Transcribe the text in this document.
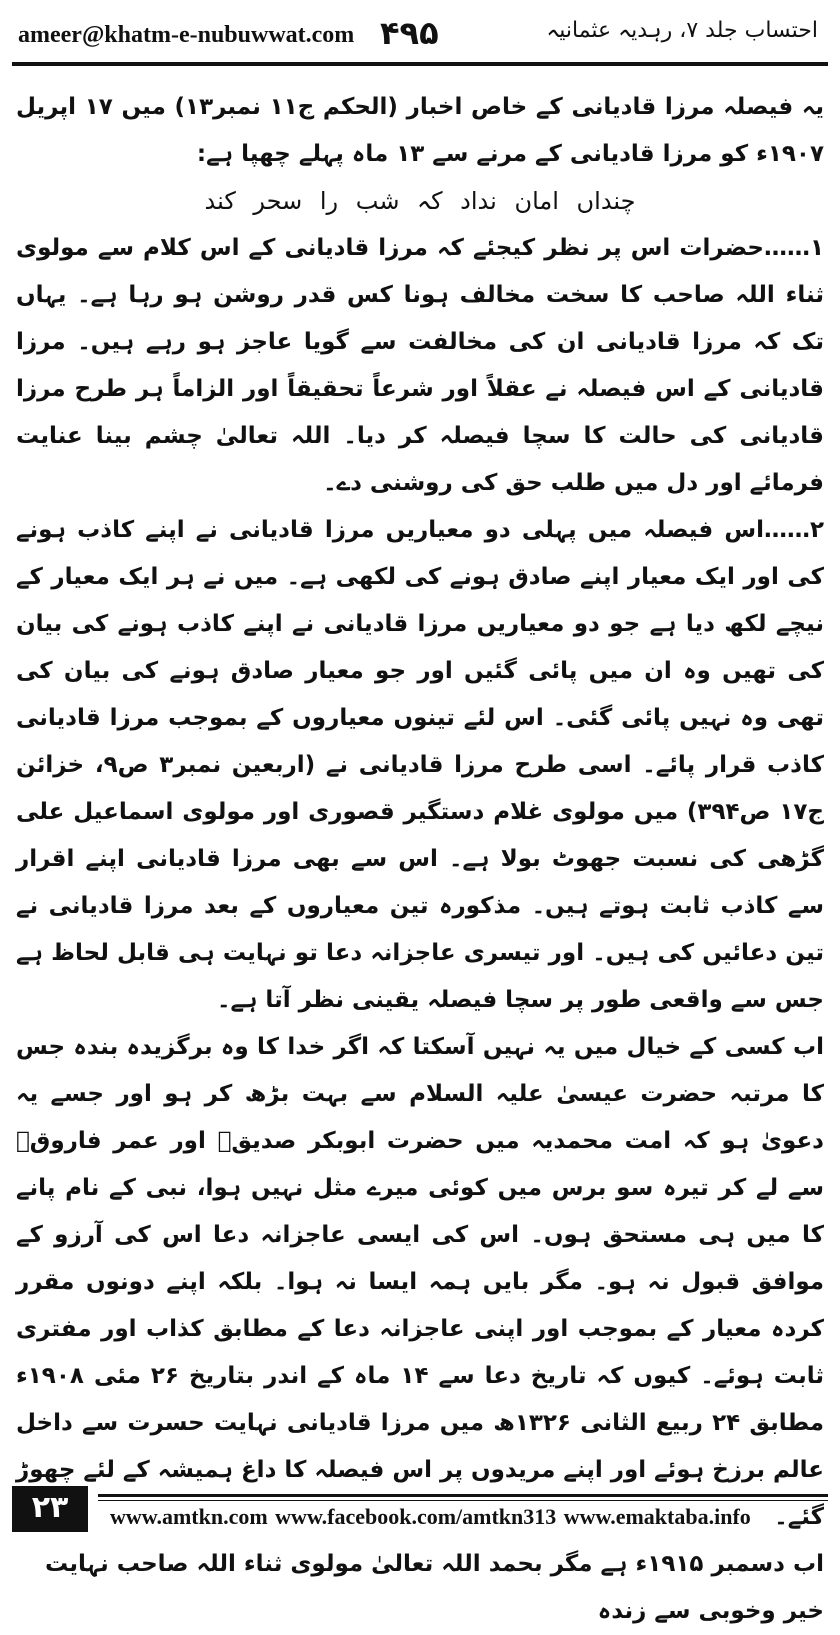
ameer@khatm-e-nubuwwat.com ۴۹۵	احتساب جلد ۷، رہدیہ عثمانیہ

یہ فیصلہ مرزا قادیانی کے خاص اخبار (الحکم ج۱۱ نمبر۱۳) میں ۱۷ اپریل ۱۹۰۷ء کو مرزا قادیانی کے مرنے سے ۱۳ ماہ پہلے چھپا ہے:

چنداں امان نداد کہ شب را سحر کند

۱……حضرات اس پر نظر کیجئے کہ مرزا قادیانی کے اس کلام سے مولوی ثناء اللہ صاحب کا سخت مخالف ہونا کس قدر روشن ہو رہا ہے۔ یہاں تک کہ مرزا قادیانی ان کی مخالفت سے گویا عاجز ہو رہے ہیں۔ مرزا قادیانی کے اس فیصلہ نے عقلاً اور شرعاً تحقیقاً اور الزاماً ہر طرح مرزا قادیانی کی حالت کا سچا فیصلہ کر دیا۔ اللہ تعالیٰ چشم بینا عنایت فرمائے اور دل میں طلب حق کی روشنی دے۔

۲……اس فیصلہ میں پہلی دو معیاریں مرزا قادیانی نے اپنے کاذب ہونے کی اور ایک معیار اپنے صادق ہونے کی لکھی ہے۔ میں نے ہر ایک معیار کے نیچے لکھ دیا ہے جو دو معیاریں مرزا قادیانی نے اپنے کاذب ہونے کی بیان کی تھیں وہ ان میں پائی گئیں اور جو معیار صادق ہونے کی بیان کی تھی وہ نہیں پائی گئی۔ اس لئے تینوں معیاروں کے بموجب مرزا قادیانی کاذب قرار پائے۔ اسی طرح مرزا قادیانی نے (اربعین نمبر۳ ص۹، خزائن ج۱۷ ص۳۹۴) میں مولوی غلام دستگیر قصوری اور مولوی اسماعیل علی گڑھی کی نسبت جھوٹ بولا ہے۔ اس سے بھی مرزا قادیانی اپنے اقرار سے کاذب ثابت ہوتے ہیں۔ مذکورہ تین معیاروں کے بعد مرزا قادیانی نے تین دعائیں کی ہیں۔ اور تیسری عاجزانہ دعا تو نہایت ہی قابل لحاظ ہے جس سے واقعی طور پر سچا فیصلہ یقینی نظر آتا ہے۔

اب کسی کے خیال میں یہ نہیں آسکتا کہ اگر خدا کا وہ برگزیدہ بندہ جس کا مرتبہ حضرت عیسیٰ علیہ السلام سے بہت بڑھ کر ہو اور جسے یہ دعویٰ ہو کہ امت محمدیہ میں حضرت ابوبکر صدیقؓ اور عمر فاروقؓ سے لے کر تیرہ سو برس میں کوئی میرے مثل نہیں ہوا، نبی کے نام پانے کا میں ہی مستحق ہوں۔ اس کی ایسی عاجزانہ دعا اس کی آرزو کے موافق قبول نہ ہو۔ مگر بایں ہمہ ایسا نہ ہوا۔ بلکہ اپنے دونوں مقرر کردہ معیار کے بموجب اور اپنی عاجزانہ دعا کے مطابق کذاب اور مفتری ثابت ہوئے۔ کیوں کہ تاریخ دعا سے ۱۴ ماہ کے اندر بتاریخ ۲۶ مئی ۱۹۰۸ء مطابق ۲۴ ربیع الثانی ۱۳۲۶ھ میں مرزا قادیانی نہایت حسرت سے داخل عالم برزخ ہوئے اور اپنے مریدوں پر اس فیصلہ کا داغ ہمیشہ کے لئے چھوڑ گئے۔

اب دسمبر ۱۹۱۵ء ہے مگر بحمد اللہ تعالیٰ مولوی ثناء اللہ صاحب نہایت خیر وخوبی سے زندہ

۲۳	www.amtkn.com www.facebook.com/amtkn313 www.emaktaba.info
